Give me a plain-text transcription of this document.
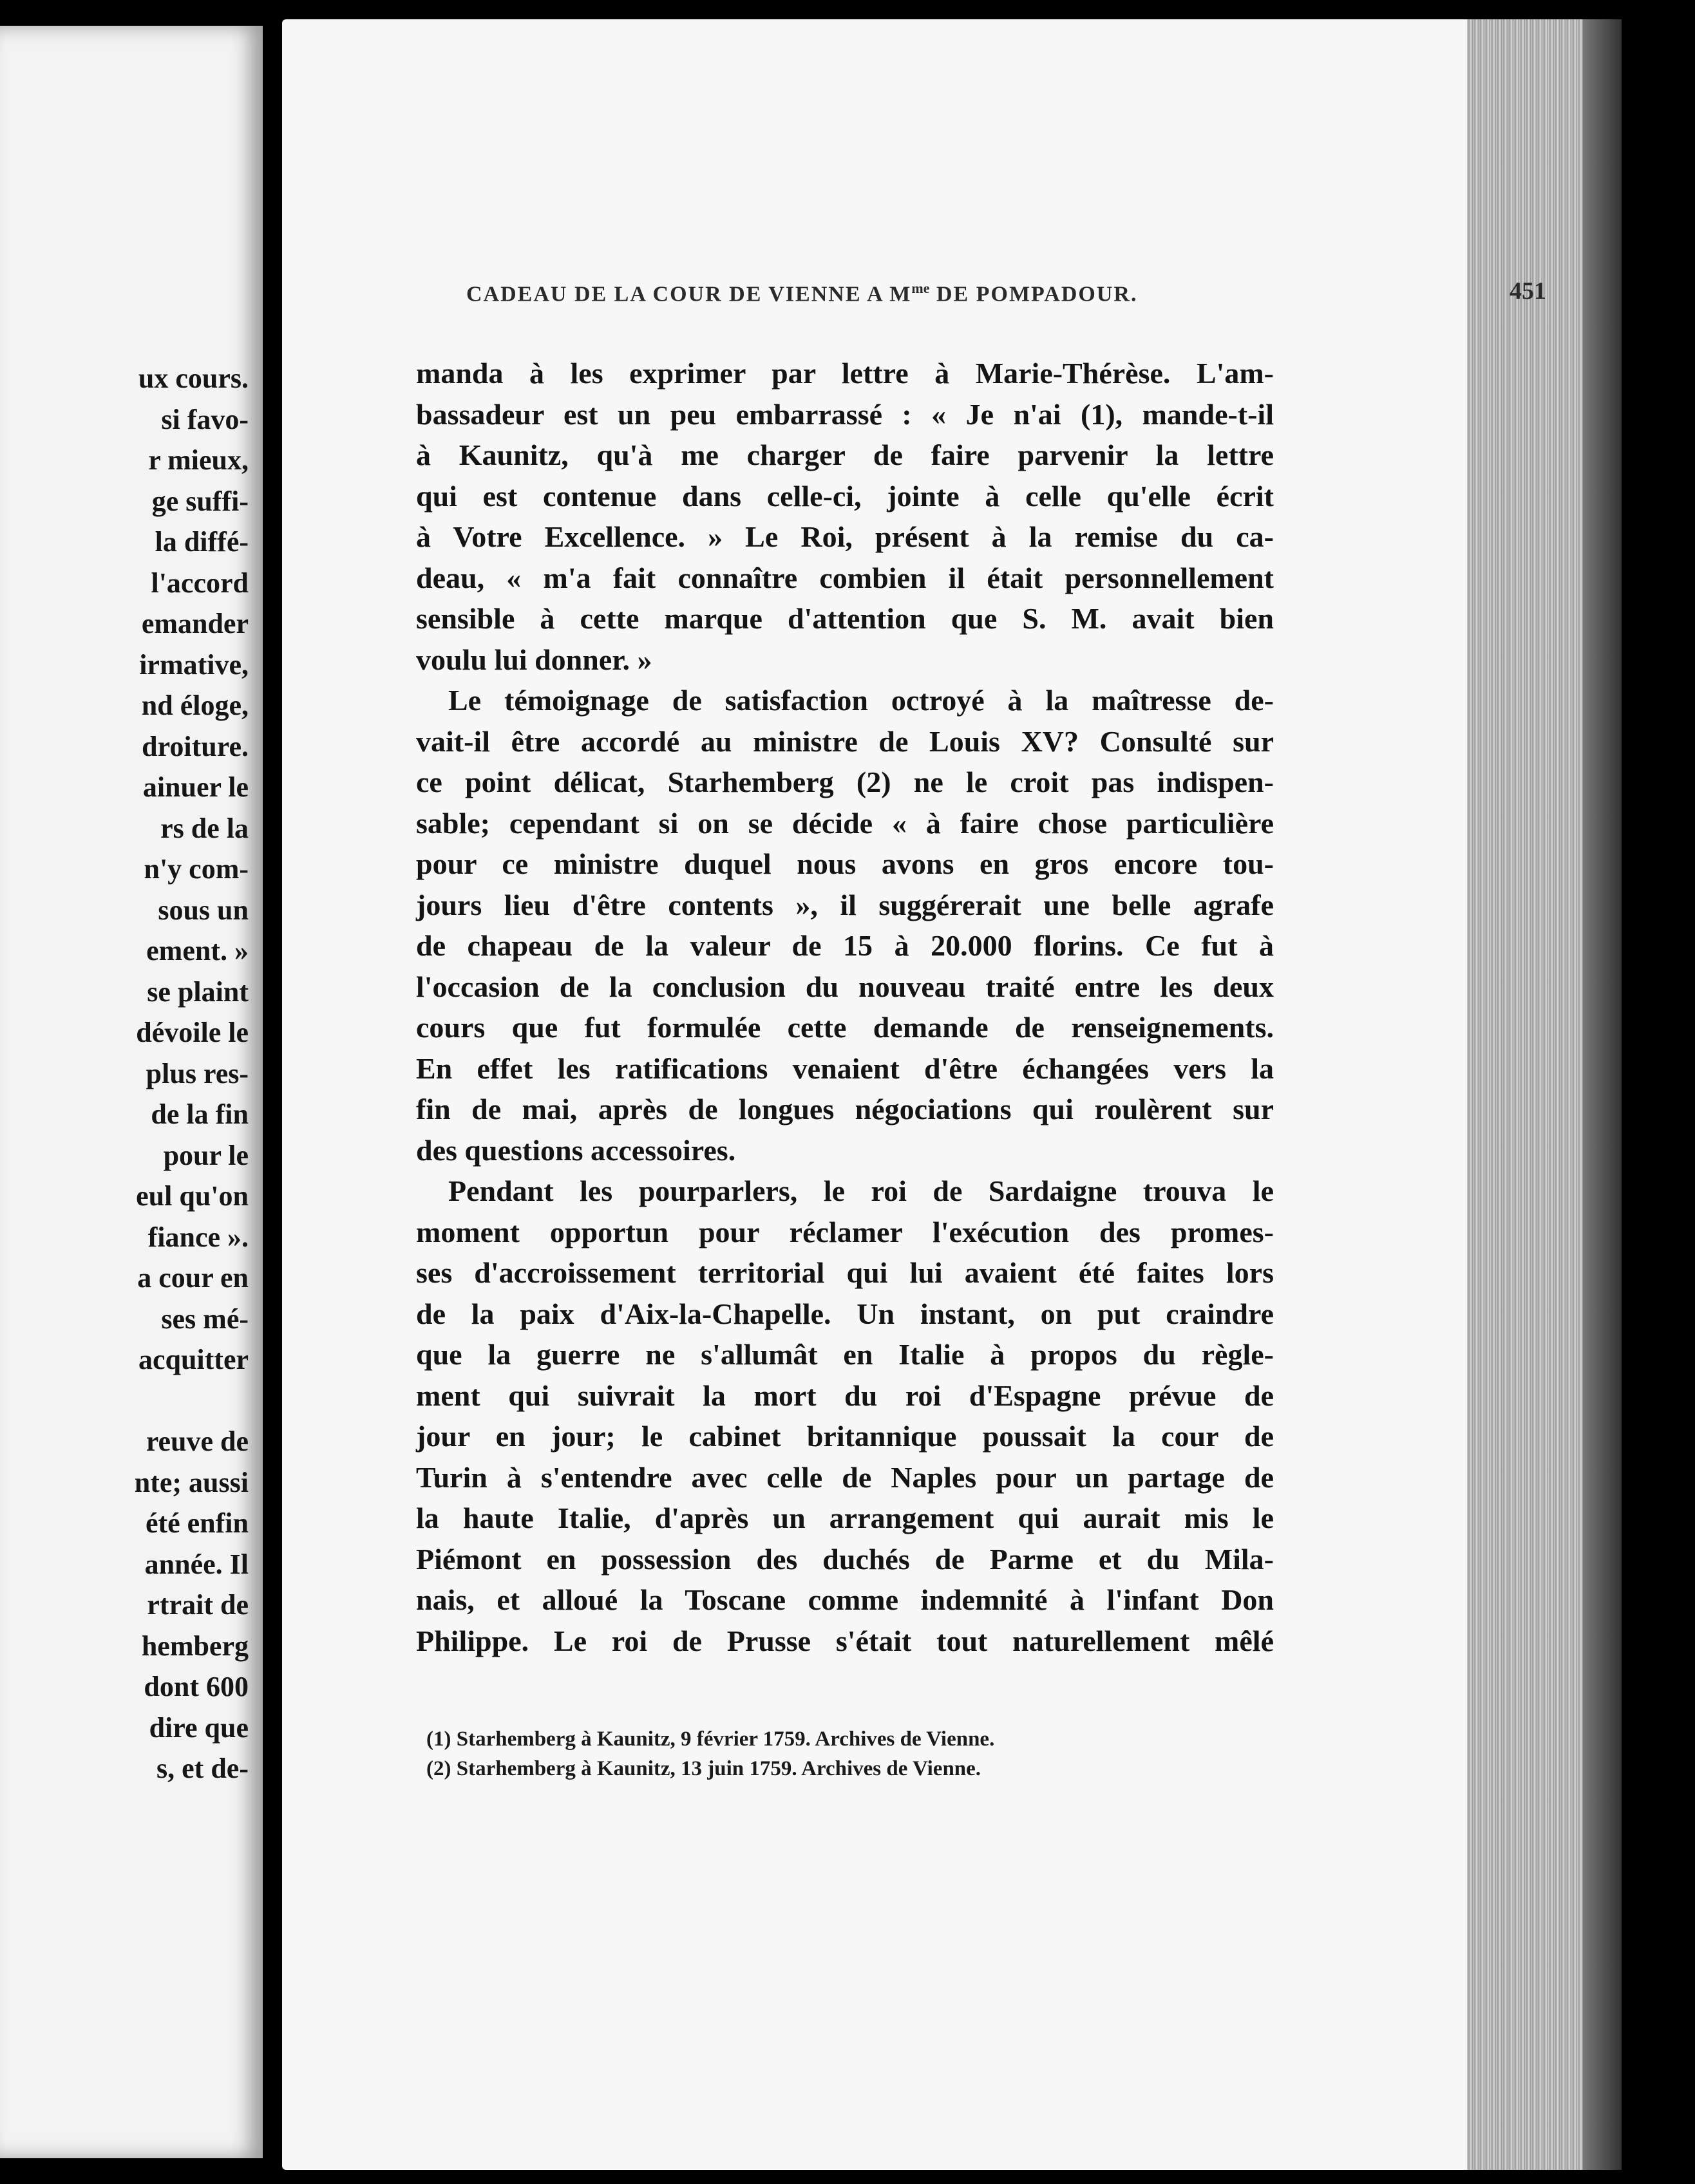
ux cours.
si favo-
r mieux,
ge suffi-
la diffé-
l'accord
emander
irmative,
nd éloge,
droiture.
ainuer le
rs de la
n'y com-
sous un
ement. »
se plaint
dévoile le
plus res-
de la fin
pour le
eul qu'on
fiance ».
a cour en
ses mé-
acquitter
reuve de
nte; aussi
été enfin
année. Il
rtrait de
hemberg
dont 600
dire que
s, et de-
CADEAU DE LA COUR DE VIENNE A $M^{me}$ DE POMPADOUR.	451
manda à les exprimer par lettre à Marie-Thérèse. L'am-
bassadeur est un peu embarrassé : « Je n'ai (1), mande-t-il
à Kaunitz, qu'à me charger de faire parvenir la lettre
qui est contenue dans celle-ci, jointe à celle qu'elle écrit
à Votre Excellence. » Le Roi, présent à la remise du ca-
deau, « m'a fait connaître combien il était personnellement
sensible à cette marque d'attention que S. M. avait bien
voulu lui donner. »
Le témoignage de satisfaction octroyé à la maîtresse de-
vait-il être accordé au ministre de Louis XV? Consulté sur
ce point délicat, Starhemberg (2) ne le croit pas indispen-
sable; cependant si on se décide « à faire chose particulière
pour ce ministre duquel nous avons en gros encore tou-
jours lieu d'être contents », il suggérerait une belle agrafe
de chapeau de la valeur de 15 à 20.000 florins. Ce fut à
l'occasion de la conclusion du nouveau traité entre les deux
cours que fut formulée cette demande de renseignements.
En effet les ratifications venaient d'être échangées vers la
fin de mai, après de longues négociations qui roulèrent sur
des questions accessoires.
Pendant les pourparlers, le roi de Sardaigne trouva le
moment opportun pour réclamer l'exécution des promes-
ses d'accroissement territorial qui lui avaient été faites lors
de la paix d'Aix-la-Chapelle. Un instant, on put craindre
que la guerre ne s'allumât en Italie à propos du règle-
ment qui suivrait la mort du roi d'Espagne prévue de
jour en jour; le cabinet britannique poussait la cour de
Turin à s'entendre avec celle de Naples pour un partage de
la haute Italie, d'après un arrangement qui aurait mis le
Piémont en possession des duchés de Parme et du Mila-
nais, et alloué la Toscane comme indemnité à l'infant Don
Philippe. Le roi de Prusse s'était tout naturellement mêlé
(1) Starhemberg à Kaunitz, 9 février 1759. Archives de Vienne.
(2) Starhemberg à Kaunitz, 13 juin 1759. Archives de Vienne.
